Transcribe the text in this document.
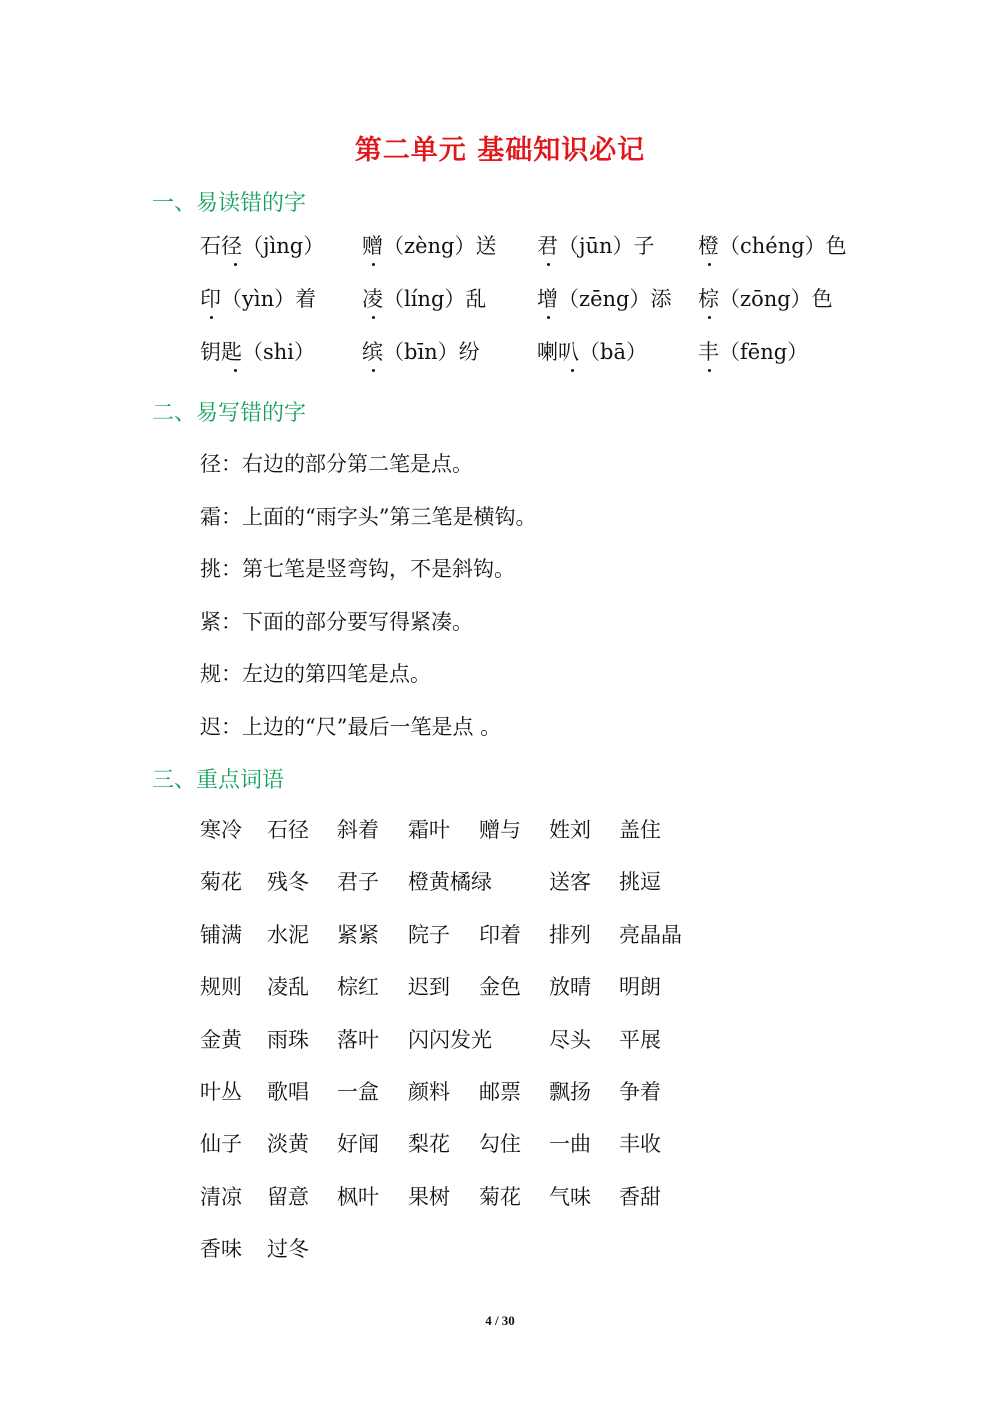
第二单元 基础知识必记
一、易读错的字
石径（jìng） 赠（zèng）送 君（jūn）子 橙（chéng）色
印（yìn）着 凌（líng）乱 增（zēng）添 棕（zōng）色
钥匙（shi） 缤（bīn）纷	喇叭（bā） 丰（fēng）
二、易写错的字
径：右边的部分第二笔是点。
霜：上面的“雨字头”第三笔是横钩。
挑：第七笔是竖弯钩，不是斜钩。
紧：下面的部分要写得紧凑。
规：左边的第四笔是点。
迟：上边的“尺”最后一笔是点 。
三、重点词语
寒冷 石径 斜着 霜叶 赠与 姓刘 盖住
菊花 残冬 君子 橙黄橘绿	送客 挑逗
铺满 水泥 紧紧 院子 印着 排列 亮晶晶
规则 凌乱 棕红 迟到 金色 放晴 明朗
金黄 雨珠 落叶 闪闪发光	尽头 平展
叶丛 歌唱 一盒 颜料 邮票 飘扬 争着
仙子 淡黄 好闻 梨花 勾住 一曲 丰收
清凉 留意 枫叶 果树 菊花 气味 香甜
香味 过冬
4 / 30
